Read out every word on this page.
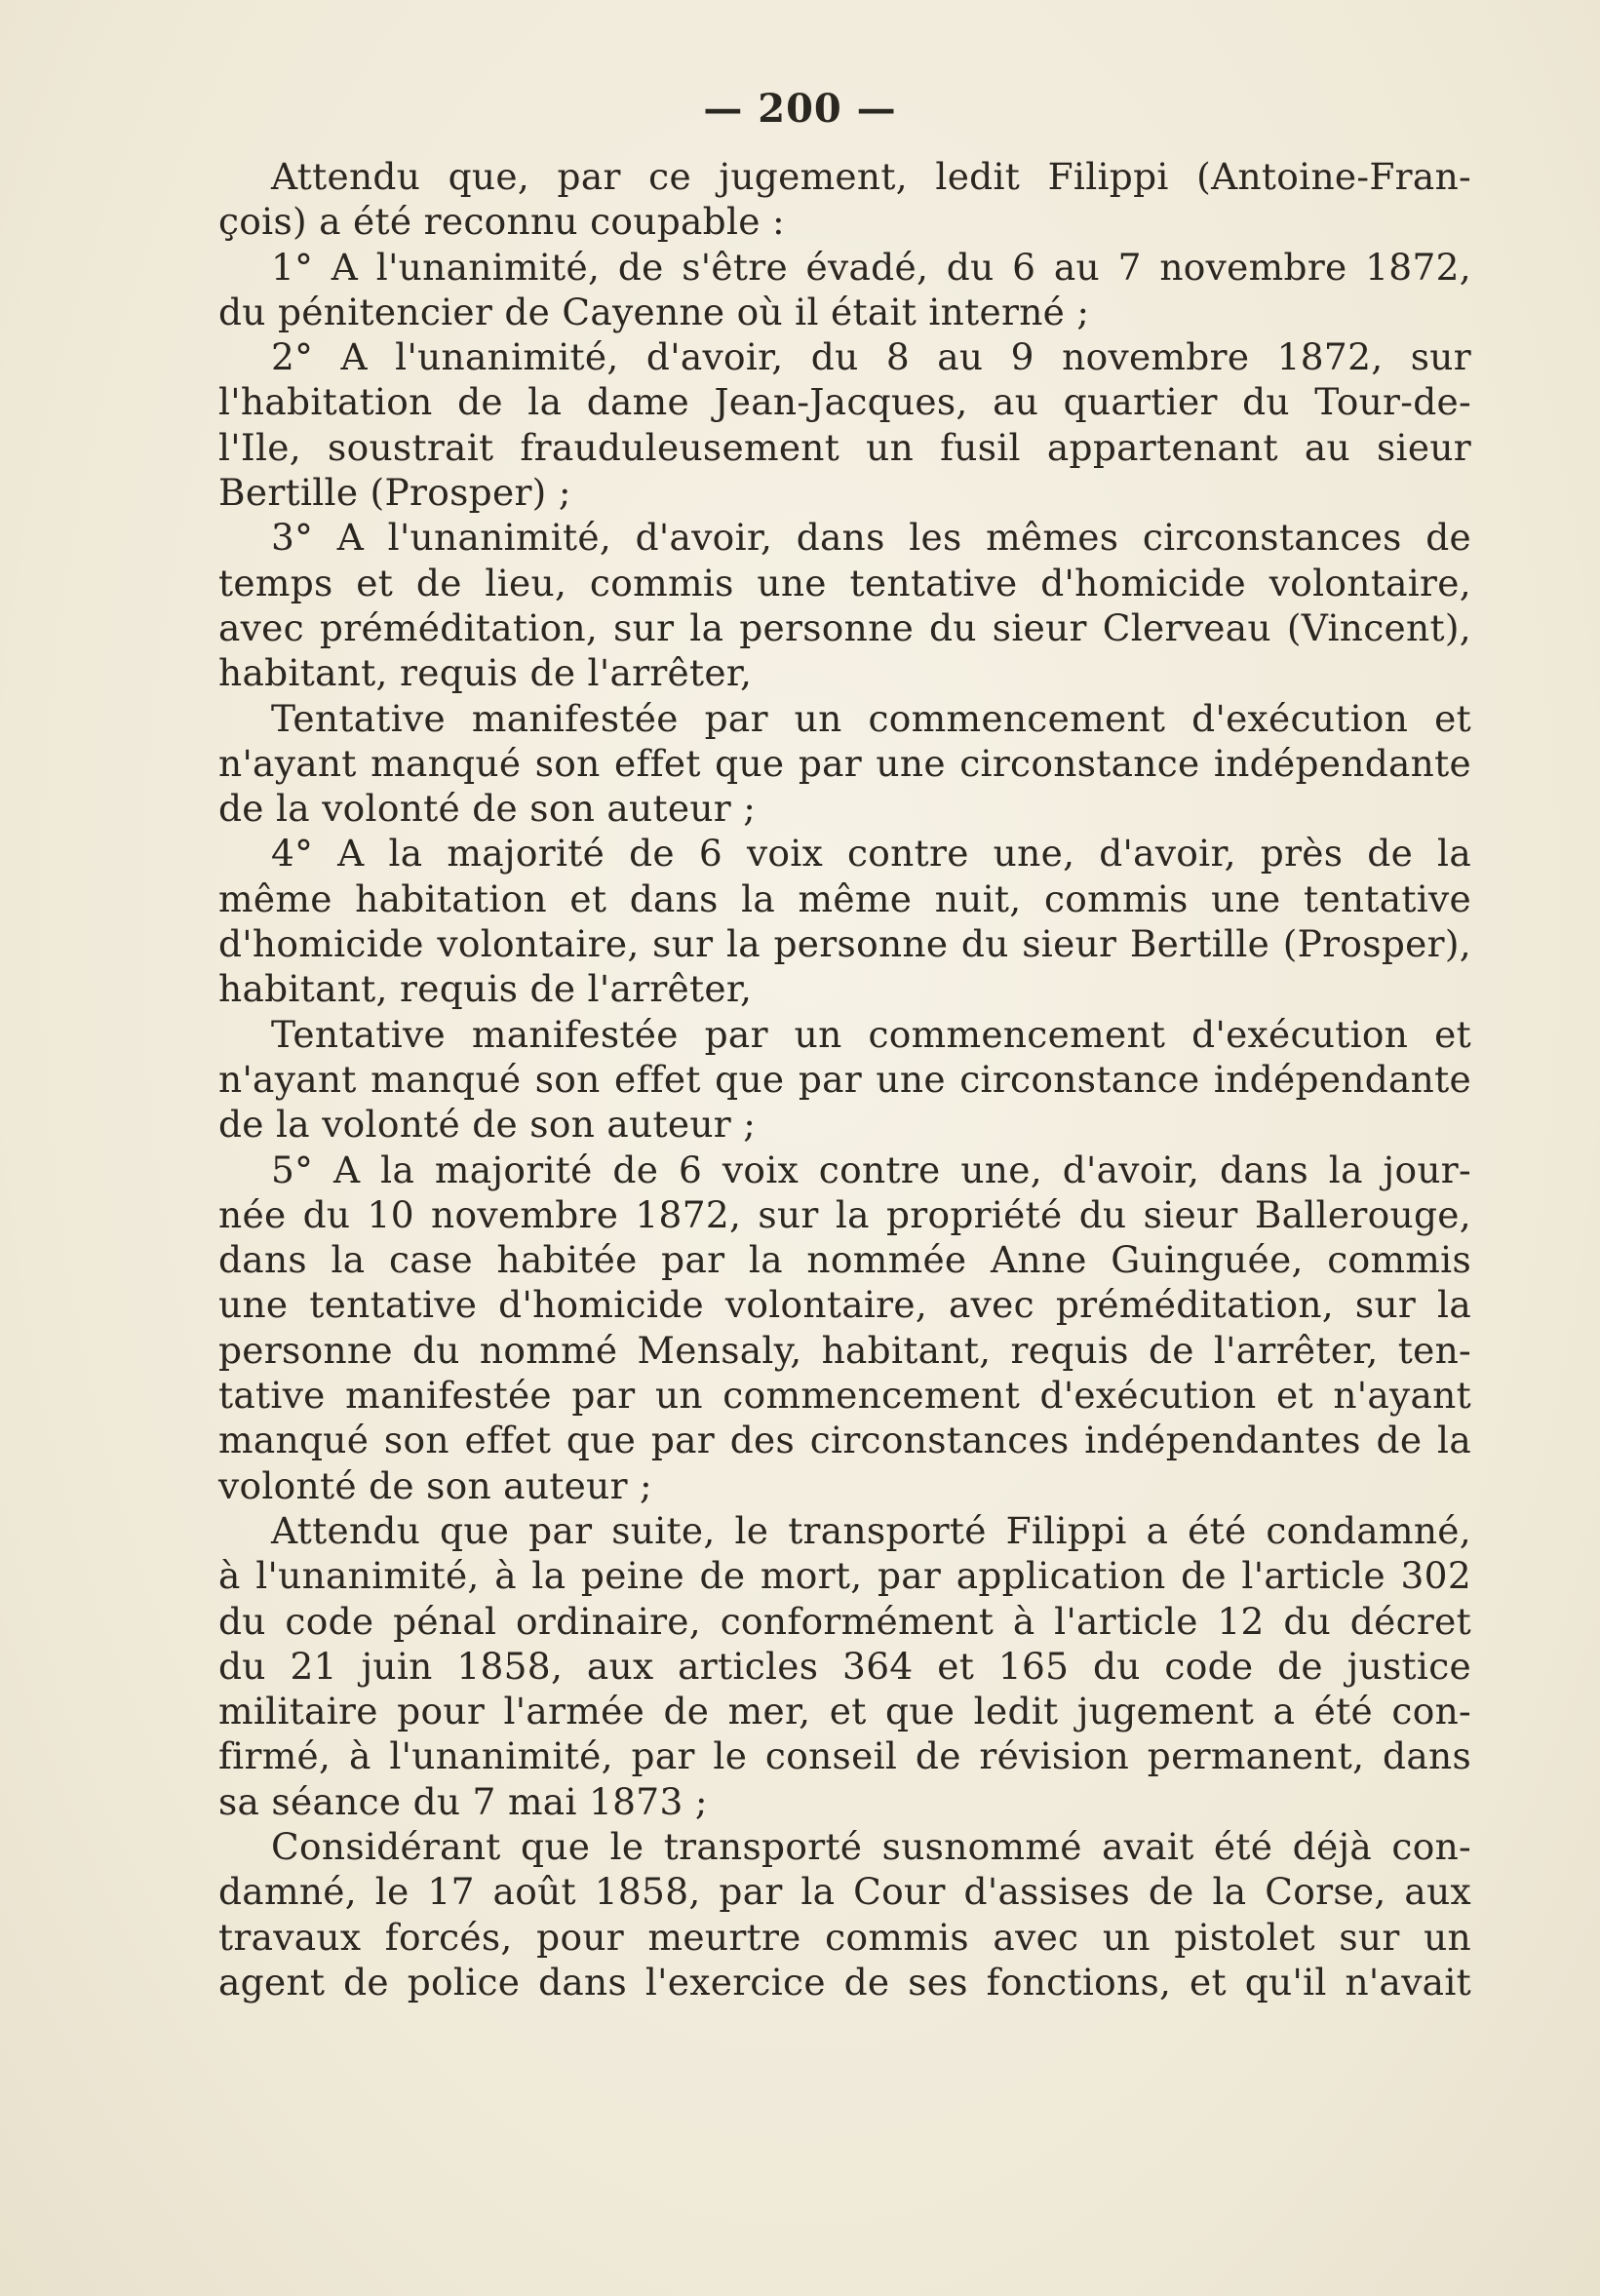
— 200 —
Attendu que, par ce jugement, ledit Filippi (Antoine-Fran-
çois) a été reconnu coupable :
1° A l'unanimité, de s'être évadé, du 6 au 7 novembre 1872,
du pénitencier de Cayenne où il était interné ;
2° A l'unanimité, d'avoir, du 8 au 9 novembre 1872, sur
l'habitation de la dame Jean-Jacques, au quartier du Tour-de-
l'Ile, soustrait frauduleusement un fusil appartenant au sieur
Bertille (Prosper) ;
3° A l'unanimité, d'avoir, dans les mêmes circonstances de
temps et de lieu, commis une tentative d'homicide volontaire,
avec préméditation, sur la personne du sieur Clerveau (Vincent),
habitant, requis de l'arrêter,
Tentative manifestée par un commencement d'exécution et
n'ayant manqué son effet que par une circonstance indépendante
de la volonté de son auteur ;
4° A la majorité de 6 voix contre une, d'avoir, près de la
même habitation et dans la même nuit, commis une tentative
d'homicide volontaire, sur la personne du sieur Bertille (Prosper),
habitant, requis de l'arrêter,
Tentative manifestée par un commencement d'exécution et
n'ayant manqué son effet que par une circonstance indépendante
de la volonté de son auteur ;
5° A la majorité de 6 voix contre une, d'avoir, dans la jour-
née du 10 novembre 1872, sur la propriété du sieur Ballerouge,
dans la case habitée par la nommée Anne Guinguée, commis
une tentative d'homicide volontaire, avec préméditation, sur la
personne du nommé Mensaly, habitant, requis de l'arrêter, ten-
tative manifestée par un commencement d'exécution et n'ayant
manqué son effet que par des circonstances indépendantes de la
volonté de son auteur ;
Attendu que par suite, le transporté Filippi a été condamné,
à l'unanimité, à la peine de mort, par application de l'article 302
du code pénal ordinaire, conformément à l'article 12 du décret
du 21 juin 1858, aux articles 364 et 165 du code de justice
militaire pour l'armée de mer, et que ledit jugement a été con-
firmé, à l'unanimité, par le conseil de révision permanent, dans
sa séance du 7 mai 1873 ;
Considérant que le transporté susnommé avait été déjà con-
damné, le 17 août 1858, par la Cour d'assises de la Corse, aux
travaux forcés, pour meurtre commis avec un pistolet sur un
agent de police dans l'exercice de ses fonctions, et qu'il n'avait
